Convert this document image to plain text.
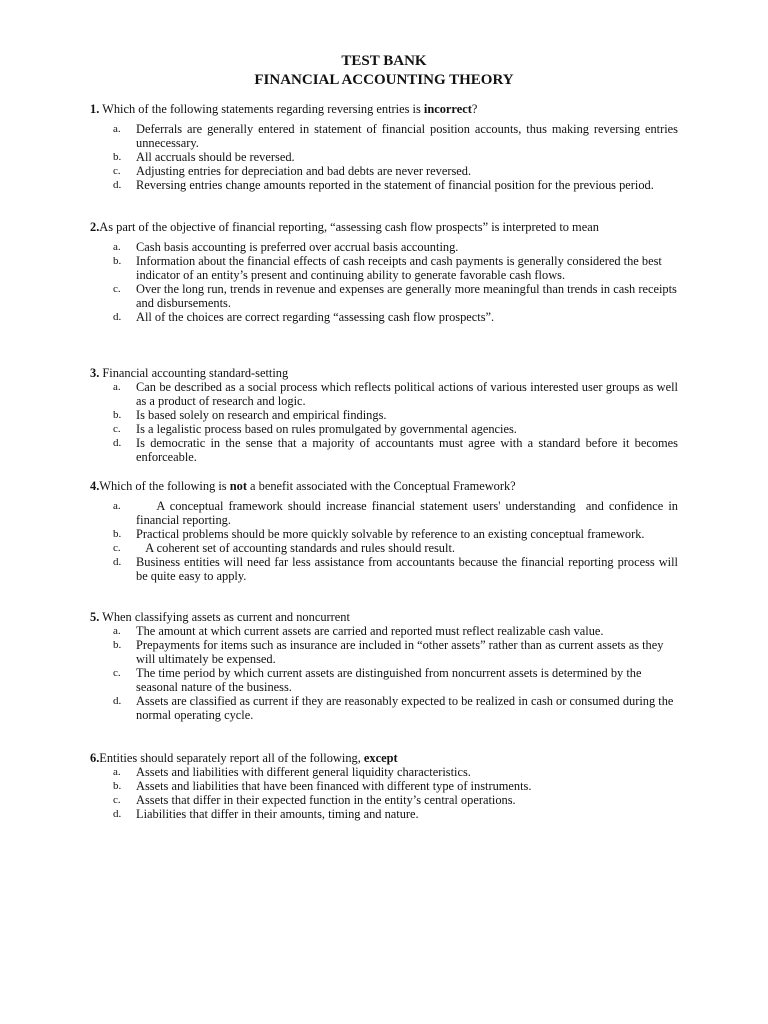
TEST BANK
FINANCIAL ACCOUNTING THEORY
1. Which of the following statements regarding reversing entries is incorrect?
a. Deferrals are generally entered in statement of financial position accounts, thus making reversing entries unnecessary.
b. All accruals should be reversed.
c. Adjusting entries for depreciation and bad debts are never reversed.
d. Reversing entries change amounts reported in the statement of financial position for the previous period.
2.As part of the objective of financial reporting, “assessing cash flow prospects” is interpreted to mean
a. Cash basis accounting is preferred over accrual basis accounting.
b. Information about the financial effects of cash receipts and cash payments is generally considered the best indicator of an entity’s present and continuing ability to generate favorable cash flows.
c. Over the long run, trends in revenue and expenses are generally more meaningful than trends in cash receipts and disbursements.
d. All of the choices are correct regarding “assessing cash flow prospects”.
3. Financial accounting standard-setting
a. Can be described as a social process which reflects political actions of various interested user groups as well as a product of research and logic.
b. Is based solely on research and empirical findings.
c. Is a legalistic process based on rules promulgated by governmental agencies.
d. Is democratic in the sense that a majority of accountants must agree with a standard before it becomes enforceable.
4.Which of the following is not a benefit associated with the Conceptual Framework?
a. A conceptual framework should increase financial statement users' understanding  and confidence in financial reporting.
b. Practical problems should be more quickly solvable by reference to an existing conceptual framework.
c. A coherent set of accounting standards and rules should result.
d. Business entities will need far less assistance from accountants because the financial reporting process will be quite easy to apply.
5. When classifying assets as current and noncurrent
a. The amount at which current assets are carried and reported must reflect realizable cash value.
b. Prepayments for items such as insurance are included in “other assets” rather than as current assets as they will ultimately be expensed.
c. The time period by which current assets are distinguished from noncurrent assets is determined by the seasonal nature of the business.
d. Assets are classified as current if they are reasonably expected to be realized in cash or consumed during the normal operating cycle.
6.Entities should separately report all of the following, except
a. Assets and liabilities with different general liquidity characteristics.
b. Assets and liabilities that have been financed with different type of instruments.
c. Assets that differ in their expected function in the entity’s central operations.
d. Liabilities that differ in their amounts, timing and nature.
